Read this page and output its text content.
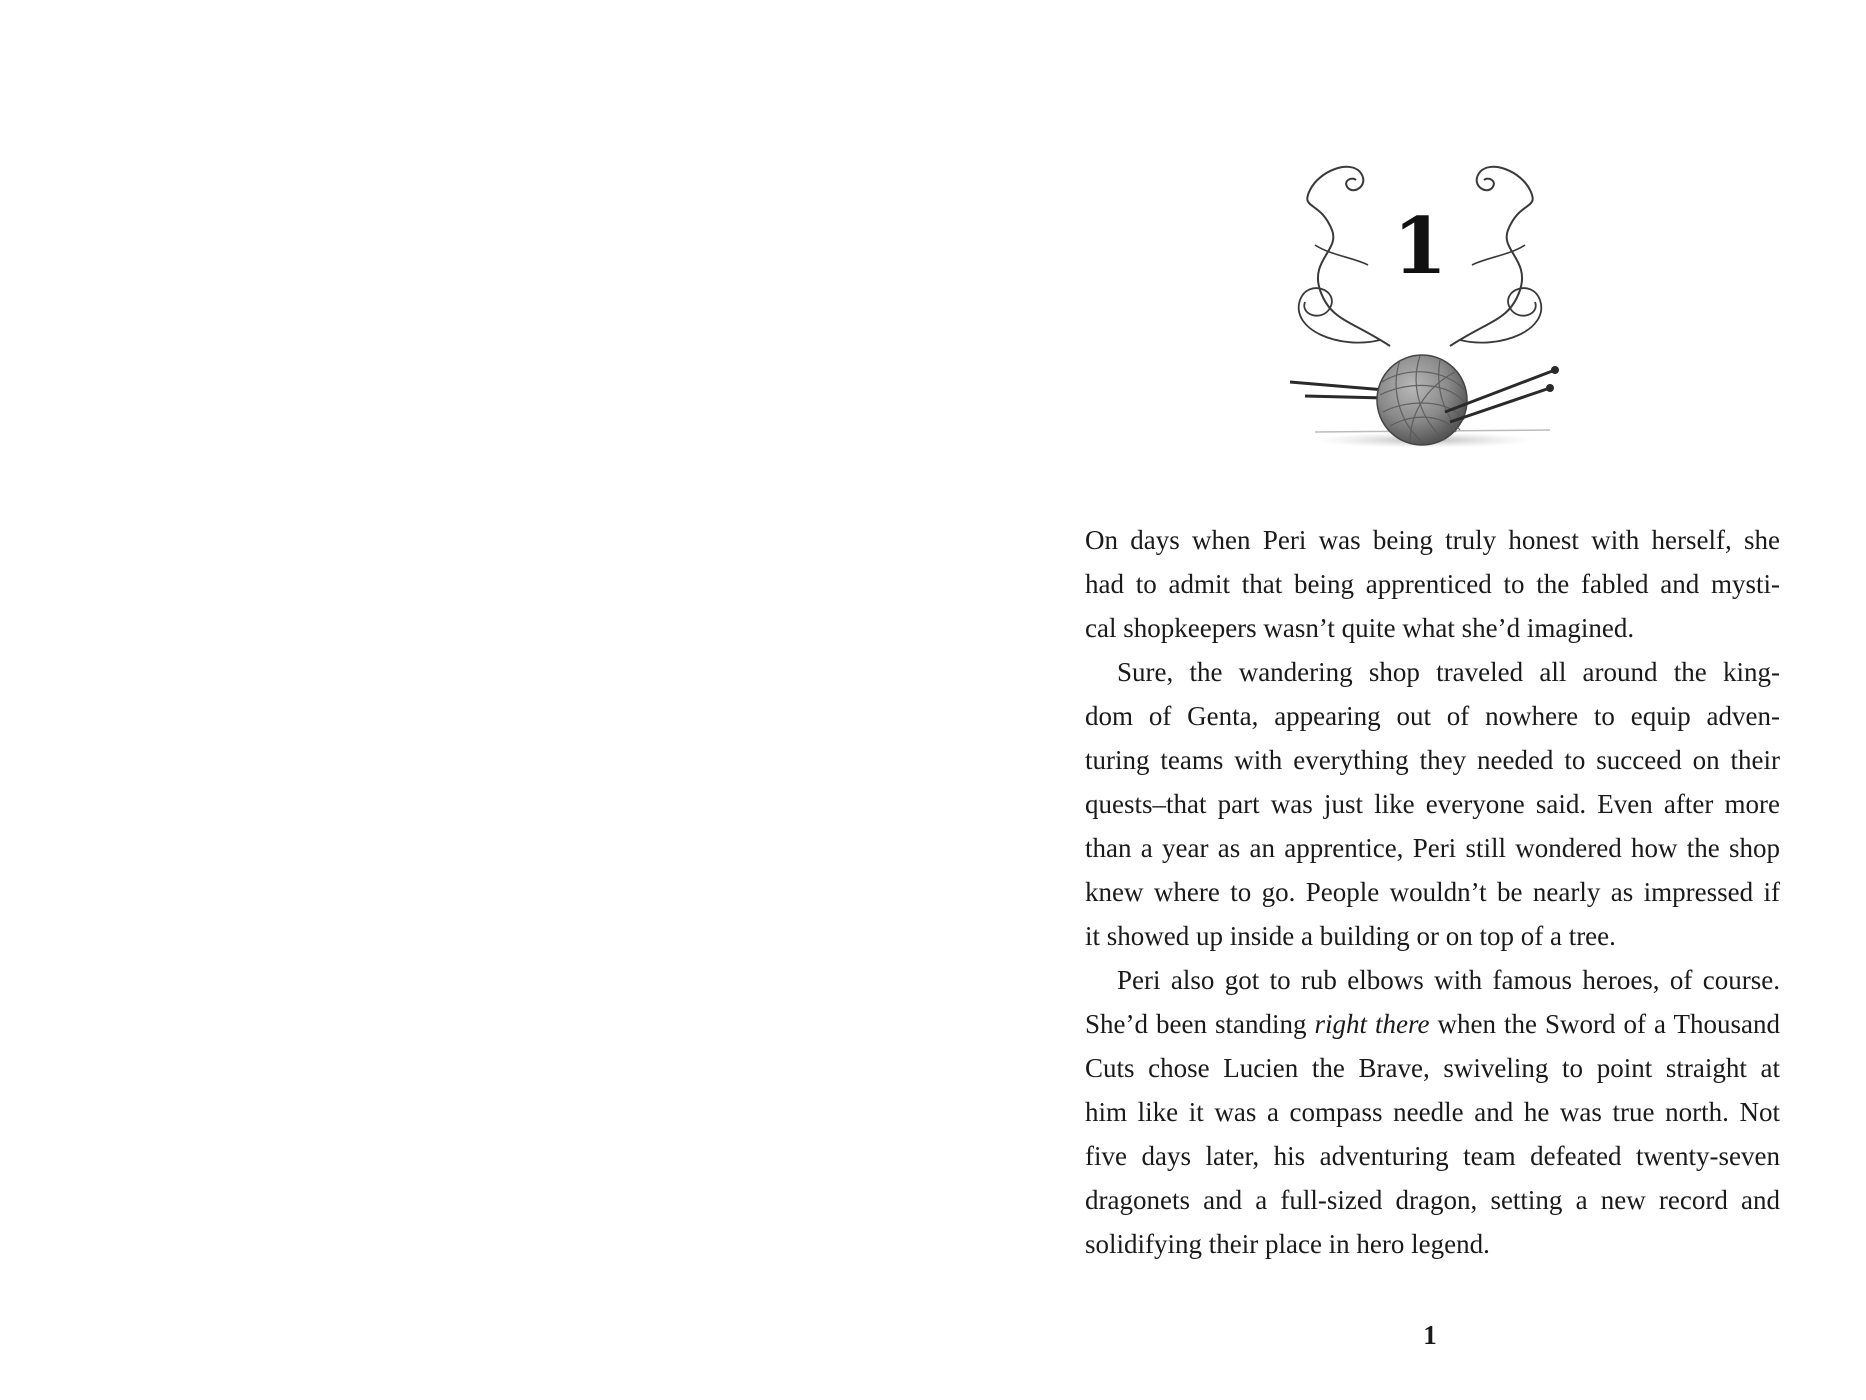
1
On days when Peri was being truly honest with herself, she
had to admit that being apprenticed to the fabled and mysti-
cal shopkeepers wasn’t quite what she’d imagined.
Sure, the wandering shop traveled all around the king-
dom of Genta, appearing out of nowhere to equip adven-
turing teams with everything they needed to succeed on their
quests–that part was just like everyone said. Even after more
than a year as an apprentice, Peri still wondered how the shop
knew where to go. People wouldn’t be nearly as impressed if
it showed up inside a building or on top of a tree.
Peri also got to rub elbows with famous heroes, of course.
She’d been standing right there when the Sword of a Thousand
Cuts chose Lucien the Brave, swiveling to point straight at
him like it was a compass needle and he was true north. Not
five days later, his adventuring team defeated twenty-seven
dragonets and a full-sized dragon, setting a new record and
solidifying their place in hero legend.
1
